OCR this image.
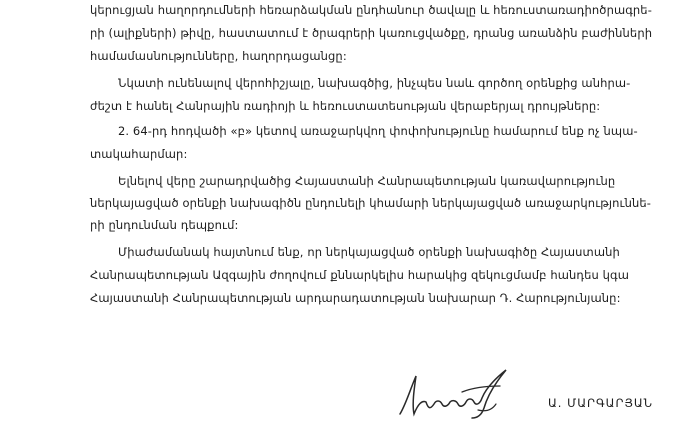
կերուցյան հաղորդումների հեռարձակման ընդհանուր ծավալը և հեռուստառադիոծրագրե-
րի (ալիքների) թիվը, հաստատում է ծրագրերի կառուցվածքը, դրանց առանձին բաժինների
համամասնությունները, հաղորդացանցը:
Նկատի ունենալով վերոհիշյալը, նախագծից, ինչպես նաև գործող օրենքից անհրա-
ժեշտ է հանել Հանրային ռադիոյի և հեռուստատեսության վերաբերյալ դրույթները:
2. 64-րդ հոդվածի «բ» կետով առաջարկվող փոփոխությունը համարում ենք ոչ նպա-
տակահարմար:
Ելնելով վերը շարադրվածից Հայաստանի Հանրապետության կառավարությունը
ներկայացված օրենքի նախագիծն ընդունելի կհամարի ներկայացված առաջարկություննե-
րի ընդունման դեպքում:
Միաժամանակ հայտնում ենք, որ ներկայացված օրենքի նախագիծը Հայաստանի
Հանրապետության Ազգային ժողովում քննարկելիս hարակից զեկուցմամբ հանդես կգա
Հայաստանի Հանրապետության արդարադատության նախարար Դ. Հարությունյանը:
Ա. ՄԱՐԳԱՐՅԱՆ
